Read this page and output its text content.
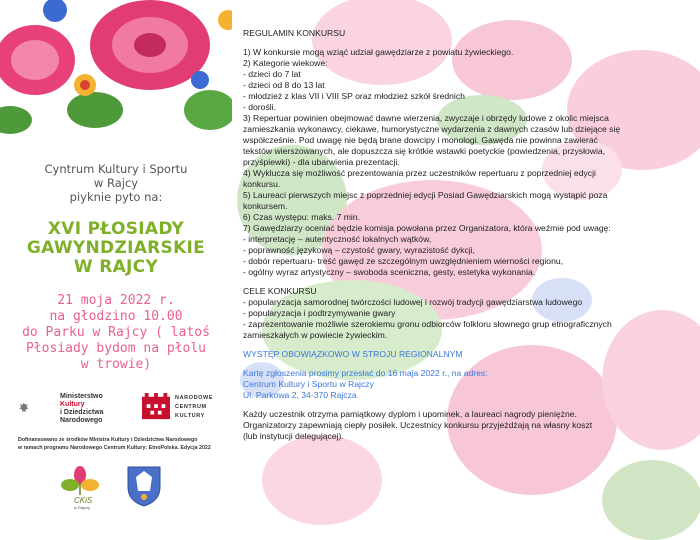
Cyntrum Kultury i Sportu
w Rajcy
piyknie pyto na:
XVI PŁOSIADY
GAWYNDZIARSKIE
W RAJCY
21 moja 2022 r.
na głodzino 10.00
do Parku w Rajcy ( latoś
Płosiady bydom na płolu
w trowie)
Ministerstwo
Kultury
i Dziedzictwa
Narodowego
NARODOWE
CENTRUM
KULTURY
Dofinansowano ze środków Ministra Kultury i Dziedzictwa Narodowego
w ramach programu Narodowego Centrum Kultury: EtnoPolska. Edycja 2022
CKiS
w Rajczy
REGULAMIN KONKURSU
1) W konkursie mogą wziąć udział gawędziarze z powiatu żywieckiego.
2) Kategorie wiekowe:
- dzieci do 7 lat
- dzieci od 8 do 13 lat
- młodzież z klas VII i VIII SP oraz młodzież szkół średnich
- dorośli.
3) Repertuar powinien obejmować dawne wierzenia, zwyczaje i obrzędy ludowe z okolic miejsca
zamieszkania wykonawcy, ciekawe, humorystyczne wydarzenia z dawnych czasów lub dziejące się
współcześnie. Pod uwagę nie będą brane dowcipy i monologi. Gawęda nie powinna zawierać
tekstów wierszowanych, ale dopuszcza się krótkie wstawki poetyckie (powiedzenia, przysłowia,
przyśpiewki) - dla ubarwienia prezentacji.
4) Wyklucza się możliwość prezentowania przez uczestników repertuaru z poprzedniej edycji
konkursu.
5) Laureaci pierwszych miejsc z poprzedniej edycji Posiad Gawędziarskich mogą wystąpić poza
konkursem.
6) Czas występu: maks. 7 min.
7) Gawędziarzy oceniać będzie komisja powołana przez Organizatora, która weźmie pod uwagę:
- interpretację – autentyczność lokalnych wątków,
- poprawność językową – czystość gwary, wyrazistość dykcji,
- dobór repertuaru- treść gawęd ze szczególnym uwzględnieniem wierności regionu,
- ogólny wyraz artystyczny – swoboda sceniczna, gesty, estetyka wykonania.
CELE KONKURSU
- popularyzacja samorodnej twórczości ludowej i rozwój tradycji gawędziarstwa ludowego
- popularyzacja i podtrzymywanie gwary
- zaprezentowanie możliwie szerokiemu gronu odbiorców folkloru słownego grup etnograficznych
zamieszkałych w powiecie żywieckim.
WYSTĘP OBOWIĄZKOWO W STROJU REGIONALNYM
Kartę zgłoszenia prosimy przesłać do 16 maja 2022 r., na adres:
Centrum Kultury i Sportu w Rajczy
Ul. Parkowa 2, 34-370 Rajcza
Każdy uczestnik otrzyma pamiątkowy dyplom i upominek, a laureaci nagrody pieniężne.
Organizatorzy zapewniają ciepły posiłek. Uczestnicy konkursu przyjeżdżają na własny koszt
(lub instytucji delegującej).
